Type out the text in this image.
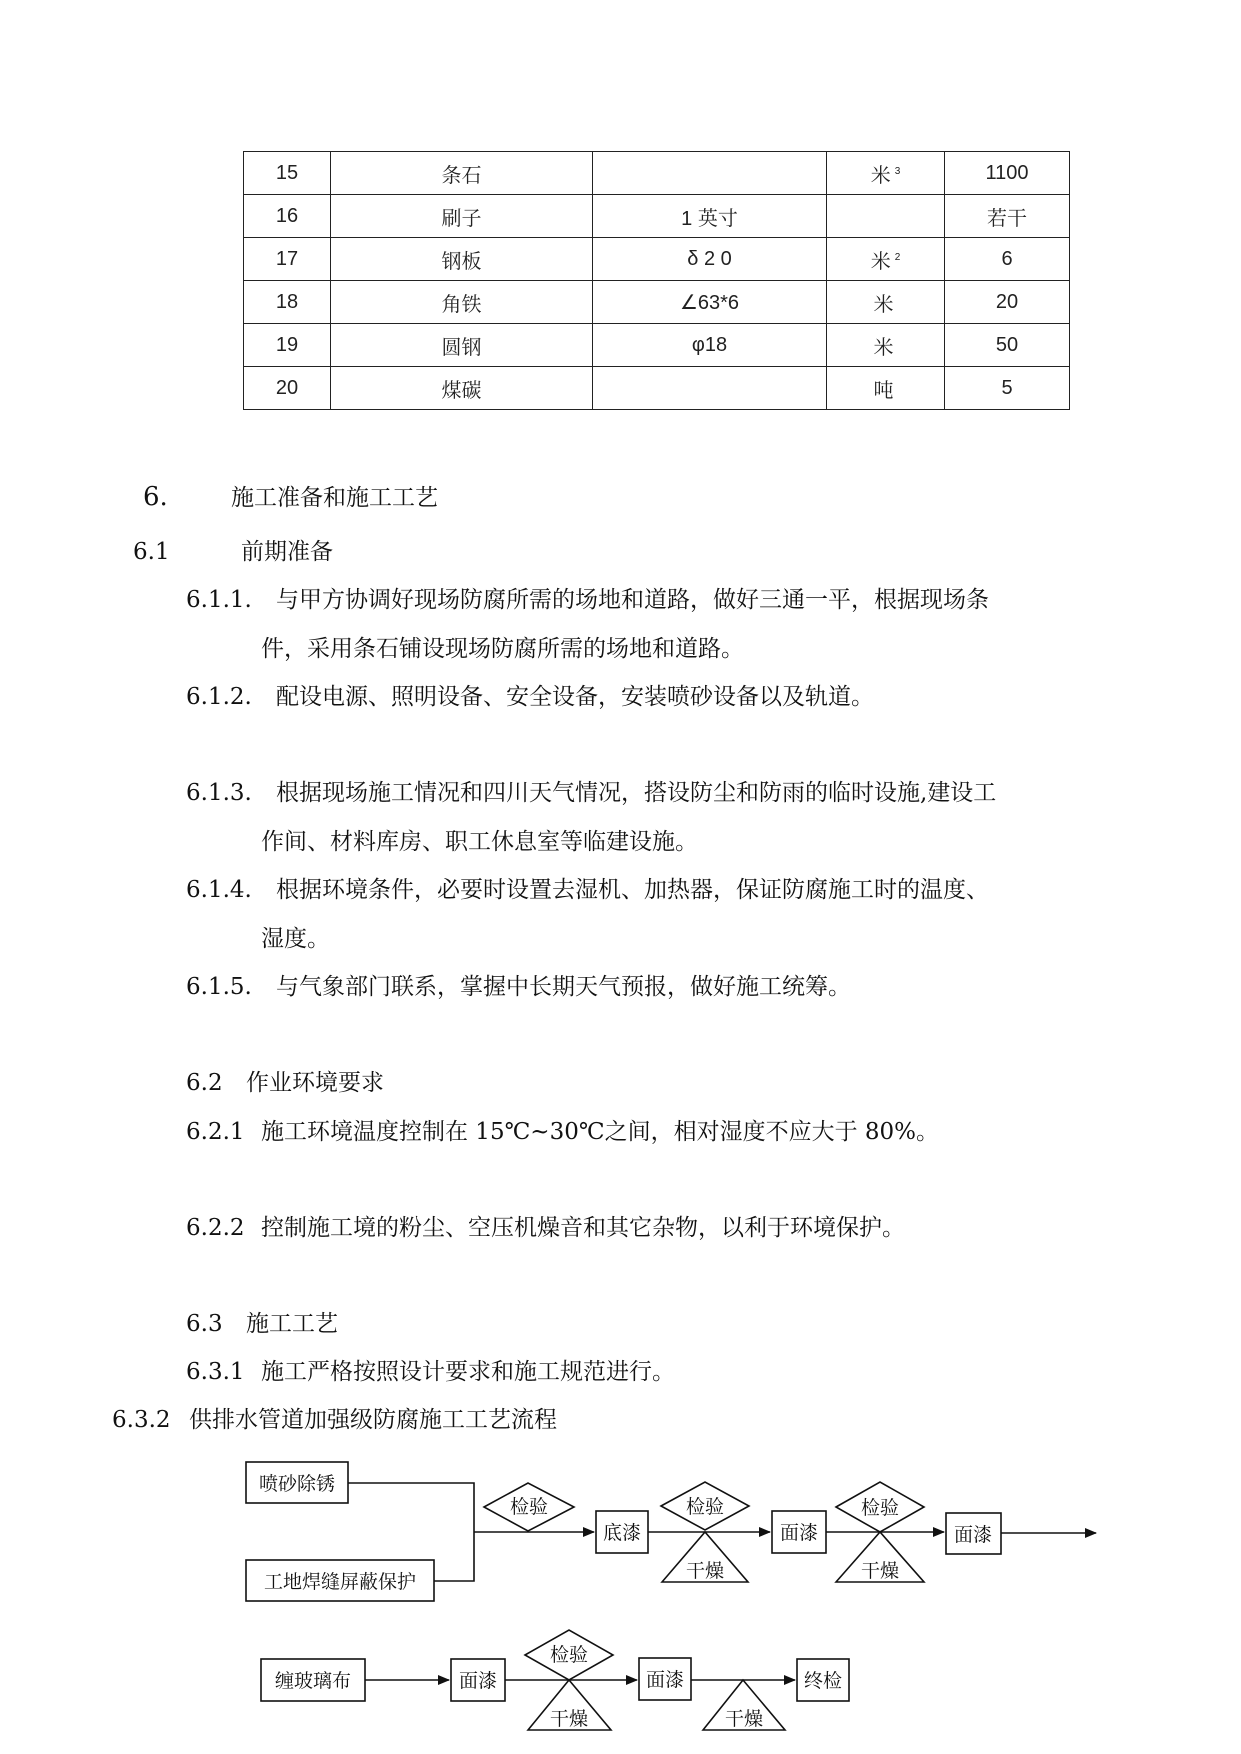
15	条石		米 $^3$	1100
16	刷子	1 英寸		若干
17	钢板	δ 2 0	米 $^2$	6
18	角铁	∠63*6	米	20
19	圆钢	φ18	米	50
20	煤碳		吨	5
6.	施工准备和施工工艺
6.1	前期准备
6.1.1. 与甲方协调好现场防腐所需的场地和道路，做好三通一平，根据现场条
件，采用条石铺设现场防腐所需的场地和道路。
6.1.2. 配设电源、照明设备、安全设备，安装喷砂设备以及轨道。
6.1.3. 根据现场施工情况和四川天气情况，搭设防尘和防雨的临时设施,建设工
作间、材料库房、职工休息室等临建设施。
6.1.4. 根据环境条件，必要时设置去湿机、加热器，保证防腐施工时的温度、
湿度。
6.1.5. 与气象部门联系，掌握中长期天气预报，做好施工统筹。
6.2 作业环境要求
6.2.1 施工环境温度控制在 15℃~30℃之间，相对湿度不应大于 80%。
6.2.2 控制施工境的粉尘、空压机燥音和其它杂物，以利于环境保护。
6.3 施工工艺
6.3.1 施工严格按照设计要求和施工规范进行。
6.3.2 供排水管道加强级防腐施工工艺流程
喷砂除锈
工地焊缝屏蔽保护
检验
底漆
检验
干燥
面漆
检验
干燥
面漆
缠玻璃布	面漆
检验
干燥
面漆
干燥
终检
